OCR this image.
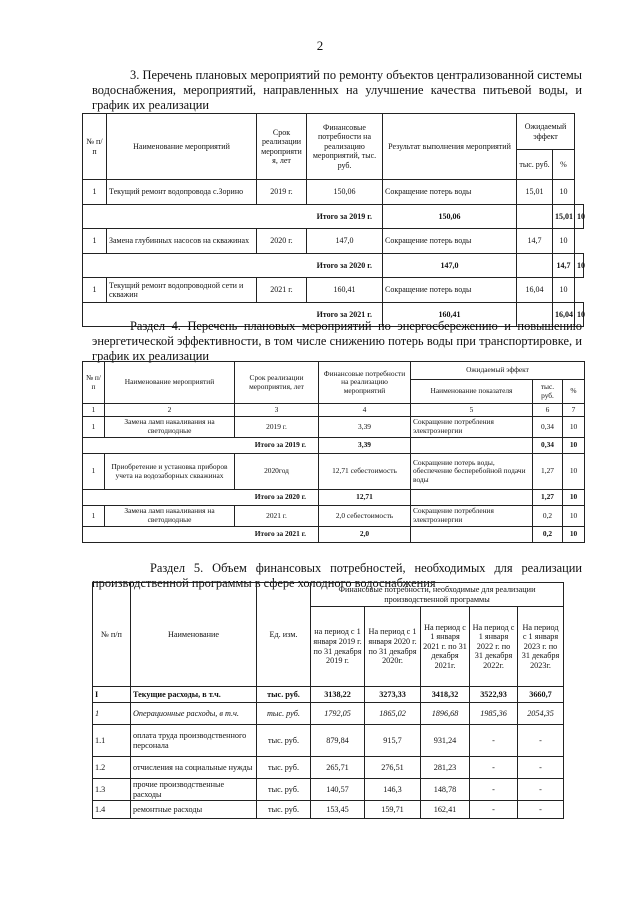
2
3. Перечень плановых мероприятий по ремонту объектов централизованной системы водоснабжения, мероприятий, направленных на улучшение качества питьевой воды, и график их реализации
№ п/ п	Наименование мероприятий	Срок реализации мероприяти я, лет	Финансовые потребности на реализацию мероприятий, тыс. руб.	Результат выполнения мероприятий	Ожидаемый эффект		
					тыс. руб.	%	
1	Текущий ремонт водопровода с.Зорино	2019 г.	150,06	Сокращение потерь воды	15,01	10	
Итого за 2019 г.				150,06		15,01	10
1	Замена глубинных насосов на скважинах	2020 г.	147,0	Сокращение потерь воды	14,7	10	
Итого за 2020 г.				147,0		14,7	10
1	Текущий ремонт водопроводной сети и скважин	2021 г.	160,41	Сокращение потерь воды	16,04	10	
Итого за 2021 г.				160,41		16,04	10
Раздел 4. Перечень плановых мероприятий по энергосбережению и повышению энергетической эффективности, в том числе снижению потерь воды при транспортировке, и график их реализации
№ п/п	Наименование мероприятий	Срок реализации мероприятия, лет	Финансовые потребности на реализацию мероприятий	Ожидаемый эффект		
				Наименование показателя	тыс. руб.	%
1	2	3	4	5	6	7
1	Замена ламп накаливания на светодиодные	2019 г.	3,39	Сокращение потребления электроэнергии	0,34	10
Итого за 2019 г.			3,39		0,34	10
1	Приобретение и установка приборов учета на водозаборных скважинах	2020год	12,71 себестоимость	Сокращение потерь воды, обеспечение бесперебойной подачи воды	1,27	10
Итого за 2020 г.			12,71		1,27	10
1	Замена ламп накаливания на светодиодные	2021 г.	2,0 себестоимость	Сокращение потребления электроэнергии	0,2	10
Итого за 2021 г.			2,0		0,2	10
Раздел 5. Объем финансовых потребностей, необходимых для реализации производственной программы в сфере холодного водоснабжения
№ п/п	Наименование	Ед. изм.	Финансовые потребности, необходимые для реализации производственной программы				
			на период с 1 января 2019 г. по 31 декабря 2019 г.	На период с 1 января 2020 г. по 31 декабря 2020г.	На период с 1 января 2021 г. по 31 декабря 2021г.	На период с 1 января 2022 г. по 31 декабря 2022г.	На период с 1 января 2023 г. по 31 декабря 2023г.
I	Текущие расходы, в т.ч.	тыс. руб.	3138,22	3273,33	3418,32	3522,93	3660,7
1	Операционные расходы, в т.ч.	тыс. руб.	1792,05	1865,02	1896,68	1985,36	2054,35
1.1	оплата труда производственного персонала	тыс. руб.	879,84	915,7	931,24	-	-
1.2	отчисления на социальные нужды	тыс. руб.	265,71	276,51	281,23	-	-
1.3	прочие производственные расходы	тыс. руб.	140,57	146,3	148,78	-	-
1.4	ремонтные расходы	тыс. руб.	153,45	159,71	162,41	-	-
